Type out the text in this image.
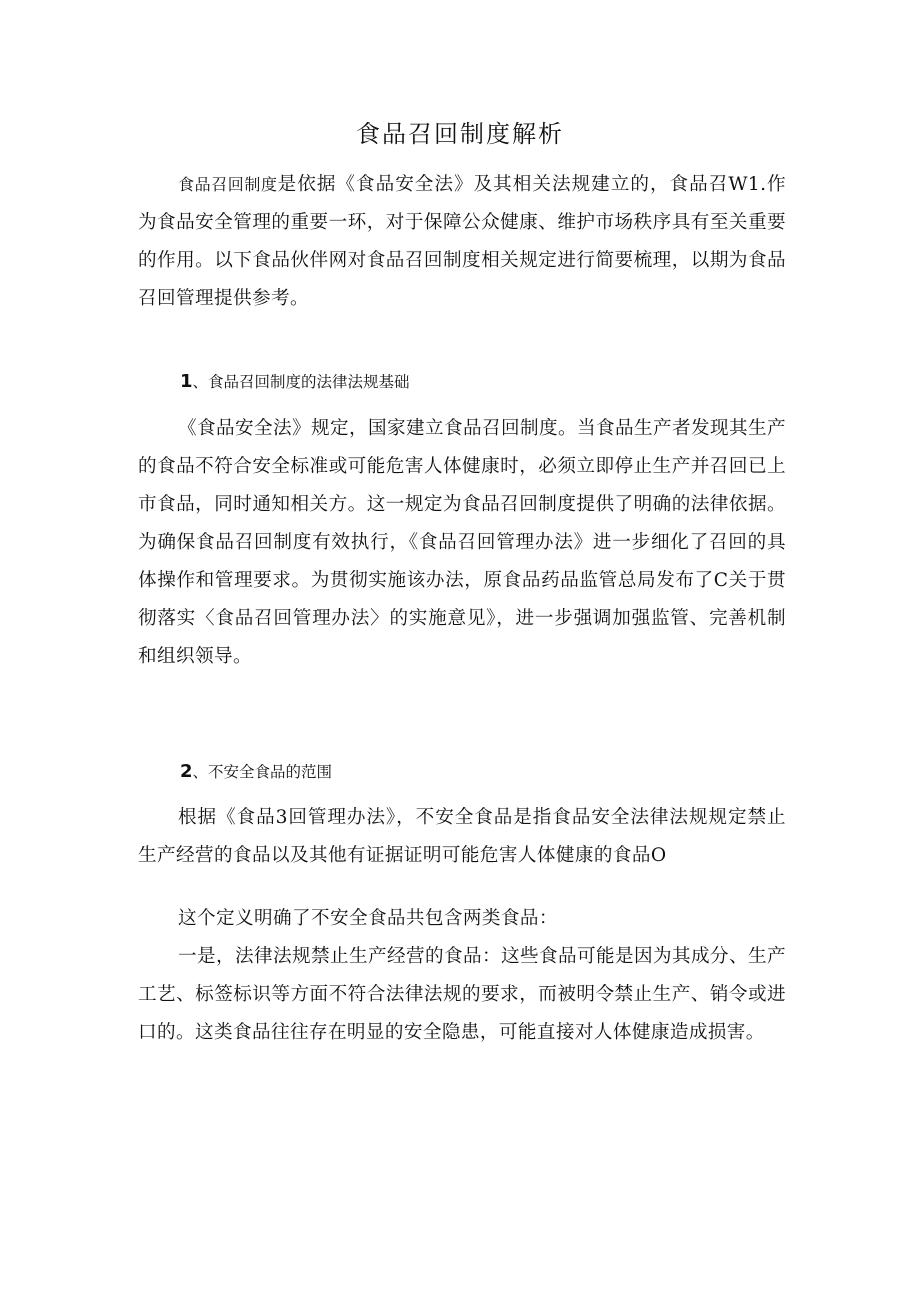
食品召回制度解析

食品召回制度是依据《食品安全法》及其相关法规建立的，食品召W1.作为食品安全管理的重要一环，对于保障公众健康、维护市场秩序具有至关重要的作用。以下食品伙伴网对食品召回制度相关规定进行简要梳理，以期为食品召回管理提供参考。

1、食品召回制度的法律法规基础

《食品安全法》规定，国家建立食品召回制度。当食品生产者发现其生产的食品不符合安全标准或可能危害人体健康时，必须立即停止生产并召回已上市食品，同时通知相关方。这一规定为食品召回制度提供了明确的法律依据。为确保食品召回制度有效执行，《食品召回管理办法》进一步细化了召回的具体操作和管理要求。为贯彻实施该办法，原食品药品监管总局发布了C关于贯彻落实〈食品召回管理办法〉的实施意见》，进一步强调加强监管、完善机制和组织领导。

2、不安全食品的范围

根据《食品3回管理办法》，不安全食品是指食品安全法律法规规定禁止生产经营的食品以及其他有证据证明可能危害人体健康的食品O

这个定义明确了不安全食品共包含两类食品：

一是，法律法规禁止生产经营的食品：这些食品可能是因为其成分、生产工艺、标签标识等方面不符合法律法规的要求，而被明令禁止生产、销令或进口的。这类食品往往存在明显的安全隐患，可能直接对人体健康造成损害。
